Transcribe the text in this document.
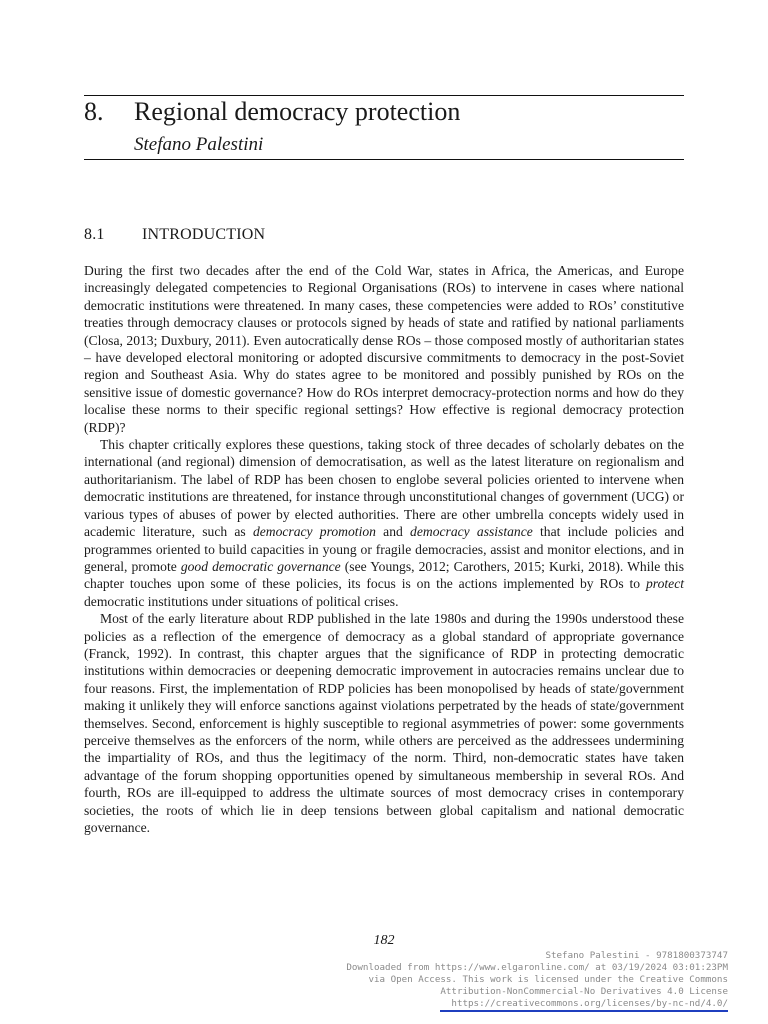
8. Regional democracy protection
Stefano Palestini
8.1 INTRODUCTION

During the first two decades after the end of the Cold War, states in Africa, the Americas, and Europe increasingly delegated competencies to Regional Organisations (ROs) to intervene in cases where national democratic institutions were threatened. In many cases, these competencies were added to ROs’ constitutive treaties through democracy clauses or protocols signed by heads of state and ratified by national parliaments (Closa, 2013; Duxbury, 2011). Even autocratically dense ROs – those composed mostly of authoritarian states – have developed electoral monitoring or adopted discursive commitments to democracy in the post-Soviet region and Southeast Asia. Why do states agree to be monitored and possibly punished by ROs on the sensitive issue of domestic governance? How do ROs interpret democracy-protection norms and how do they localise these norms to their specific regional settings? How effective is regional democracy protection (RDP)?

This chapter critically explores these questions, taking stock of three decades of scholarly debates on the international (and regional) dimension of democratisation, as well as the latest literature on regionalism and authoritarianism. The label of RDP has been chosen to englobe several policies oriented to intervene when democratic institutions are threatened, for instance through unconstitutional changes of government (UCG) or various types of abuses of power by elected authorities. There are other umbrella concepts widely used in academic literature, such as democracy promotion and democracy assistance that include policies and programmes oriented to build capacities in young or fragile democracies, assist and monitor elections, and in general, promote good democratic governance (see Youngs, 2012; Carothers, 2015; Kurki, 2018). While this chapter touches upon some of these policies, its focus is on the actions implemented by ROs to protect democratic institutions under situations of political crises.

Most of the early literature about RDP published in the late 1980s and during the 1990s understood these policies as a reflection of the emergence of democracy as a global standard of appropriate governance (Franck, 1992). In contrast, this chapter argues that the significance of RDP in protecting democratic institutions within democracies or deepening democratic improvement in autocracies remains unclear due to four reasons. First, the implementation of RDP policies has been monopolised by heads of state/government making it unlikely they will enforce sanctions against violations perpetrated by the heads of state/government themselves. Second, enforcement is highly susceptible to regional asymmetries of power: some governments perceive themselves as the enforcers of the norm, while others are perceived as the addressees undermining the impartiality of ROs, and thus the legitimacy of the norm. Third, non-democratic states have taken advantage of the forum shopping opportunities opened by simultaneous membership in several ROs. And fourth, ROs are ill-equipped to address the ultimate sources of most democracy crises in contemporary societies, the roots of which lie in deep tensions between global capitalism and national democratic governance.

182
Stefano Palestini - 9781800373747
Downloaded from https://www.elgaronline.com/ at 03/19/2024 03:01:23PM
via Open Access. This work is licensed under the Creative Commons
Attribution-NonCommercial-No Derivatives 4.0 License
https://creativecommons.org/licenses/by-nc-nd/4.0/
